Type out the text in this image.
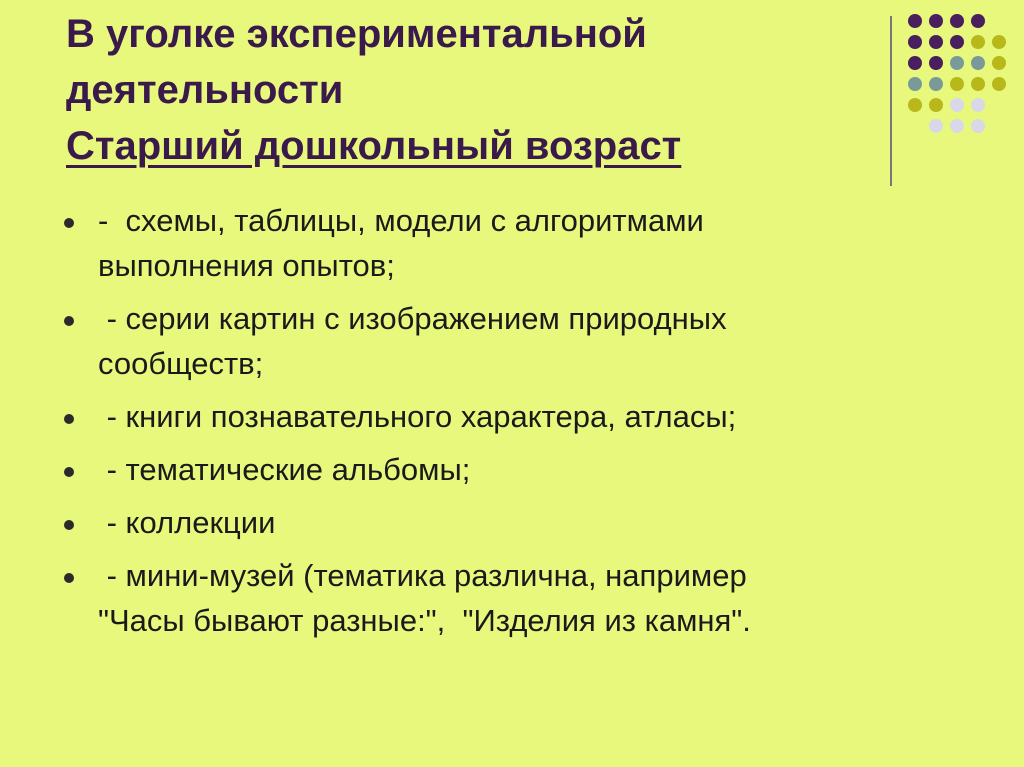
В уголке экспериментальной
деятельности
Старший дошкольный возраст
-  схемы, таблицы, модели с алгоритмами
выполнения опытов;
- серии картин с изображением природных
сообществ;
- книги познавательного характера, атласы;
- тематические альбомы;
- коллекции
- мини-музей (тематика различна, например
"Часы бывают разные:",  "Изделия из камня".
